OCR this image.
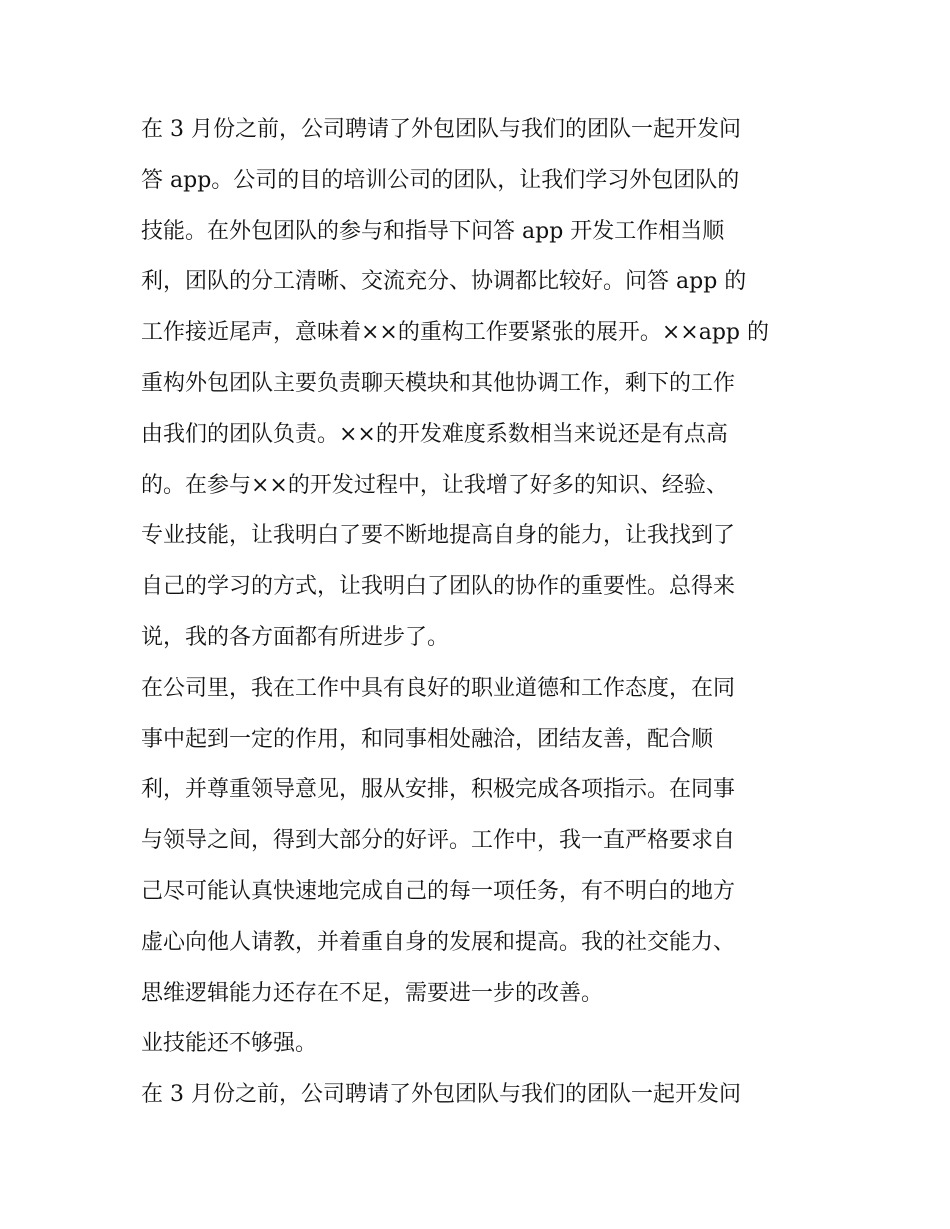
在 3 月份之前，公司聘请了外包团队与我们的团队一起开发问
答 app。公司的目的培训公司的团队，让我们学习外包团队的
技能。在外包团队的参与和指导下问答 app 开发工作相当顺
利，团队的分工清晰、交流充分、协调都比较好。问答 app 的
工作接近尾声，意味着××的重构工作要紧张的展开。××app 的
重构外包团队主要负责聊天模块和其他协调工作，剩下的工作
由我们的团队负责。××的开发难度系数相当来说还是有点高
的。在参与××的开发过程中，让我增了好多的知识、经验、
专业技能，让我明白了要不断地提高自身的能力，让我找到了
自己的学习的方式，让我明白了团队的协作的重要性。总得来
说，我的各方面都有所进步了。
在公司里，我在工作中具有良好的职业道德和工作态度，在同
事中起到一定的作用，和同事相处融洽，团结友善，配合顺
利，并尊重领导意见，服从安排，积极完成各项指示。在同事
与领导之间，得到大部分的好评。工作中，我一直严格要求自
己尽可能认真快速地完成自己的每一项任务，有不明白的地方
虚心向他人请教，并着重自身的发展和提高。我的社交能力、
思维逻辑能力还存在不足，需要进一步的改善。
业技能还不够强。
在 3 月份之前，公司聘请了外包团队与我们的团队一起开发问
